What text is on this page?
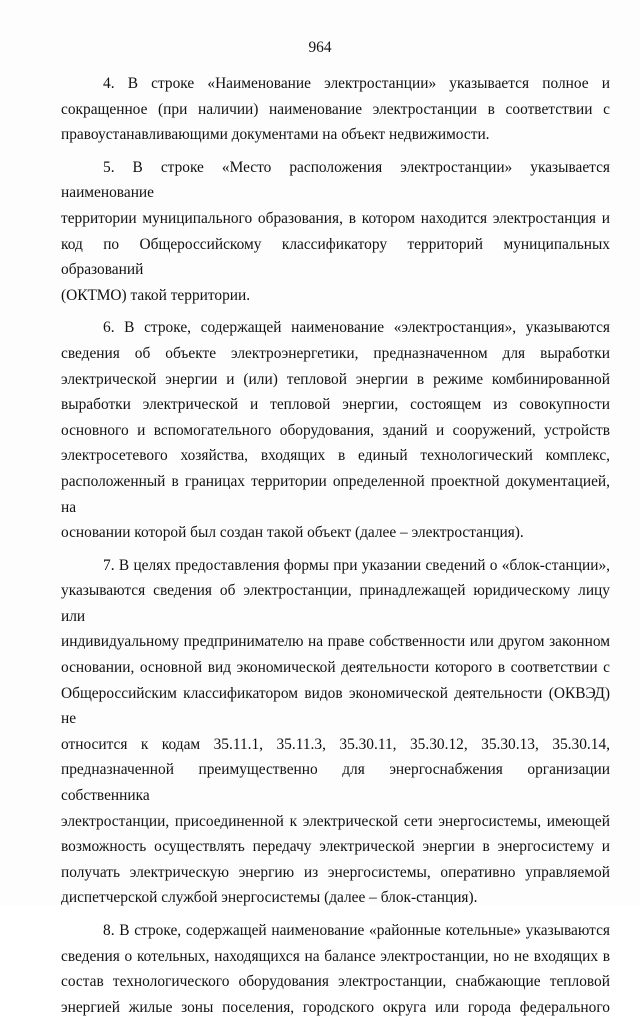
964

4. В строке «Наименование электростанции» указывается полное и
сокращенное (при наличии) наименование электростанции в соответствии с
правоустанавливающими документами на объект недвижимости.

5. В строке «Место расположения электростанции» указывается наименование
территории муниципального образования, в котором находится электростанция и
код по Общероссийскому классификатору территорий муниципальных образований
(ОКТМО) такой территории.

6. В строке, содержащей наименование «электростанция», указываются
сведения об объекте электроэнергетики, предназначенном для выработки
электрической энергии и (или) тепловой энергии в режиме комбинированной
выработки электрической и тепловой энергии, состоящем из совокупности
основного и вспомогательного оборудования, зданий и сооружений, устройств
электросетевого хозяйства, входящих в единый технологический комплекс,
расположенный в границах территории определенной проектной документацией, на
основании которой был создан такой объект (далее – электростанция).

7. В целях предоставления формы при указании сведений о «блок-станции»,
указываются сведения об электростанции, принадлежащей юридическому лицу или
индивидуальному предпринимателю на праве собственности или другом законном
основании, основной вид экономической деятельности которого в соответствии с
Общероссийским классификатором видов экономической деятельности (ОКВЭД) не
относится к кодам 35.11.1, 35.11.3, 35.30.11, 35.30.12, 35.30.13, 35.30.14,
предназначенной преимущественно для энергоснабжения организации собственника
электростанции, присоединенной к электрической сети энергосистемы, имеющей
возможность осуществлять передачу электрической энергии в энергосистему и
получать электрическую энергию из энергосистемы, оперативно управляемой
диспетчерской службой энергосистемы (далее – блок-станция).

8. В строке, содержащей наименование «районные котельные» указываются
сведения о котельных, находящихся на балансе электростанции, но не входящих в
состав технологического оборудования электростанции, снабжающие тепловой
энергией жилые зоны поселения, городского округа или города федерального
